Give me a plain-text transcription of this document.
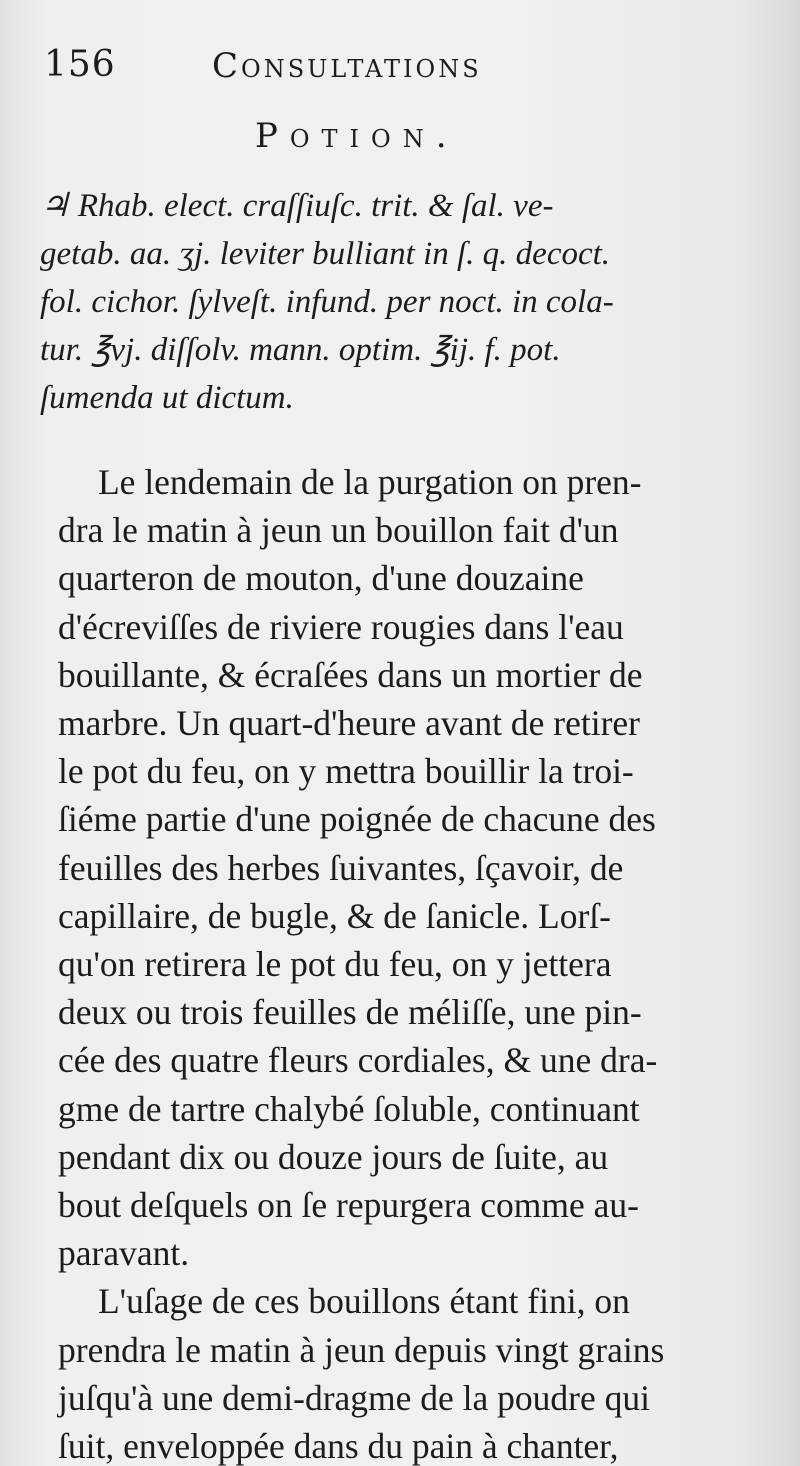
156	Consultations
Potion.
♃ Rhab. elect. craſſiuſc. trit. & ſal. ve-
getab. aa. ʒj. leviter bulliant in ſ. q. decoct.
fol. cichor. ſylveſt. infund. per noct. in cola-
tur. ℥vj. diſſolv. mann. optim. ℥ij. f. pot.
ſumenda ut dictum.

Le lendemain de la purgation on pren-
dra le matin à jeun un bouillon fait d'un
quarteron de mouton, d'une douzaine
d'écreviſſes de riviere rougies dans l'eau
bouillante, & écraſées dans un mortier de
marbre. Un quart-d'heure avant de retirer
le pot du feu, on y mettra bouillir la troi-
ſiéme partie d'une poignée de chacune des
feuilles des herbes ſuivantes, ſçavoir, de
capillaire, de bugle, & de ſanicle. Lorſ-
qu'on retirera le pot du feu, on y jettera
deux ou trois feuilles de méliſſe, une pin-
cée des quatre fleurs cordiales, & une dra-
gme de tartre chalybé ſoluble, continuant
pendant dix ou douze jours de ſuite, au
bout deſquels on ſe repurgera comme au-
paravant.

L'uſage de ces bouillons étant fini, on
prendra le matin à jeun depuis vingt grains
juſqu'à une demi-dragme de la poudre qui
ſuit, enveloppée dans du pain à chanter,
